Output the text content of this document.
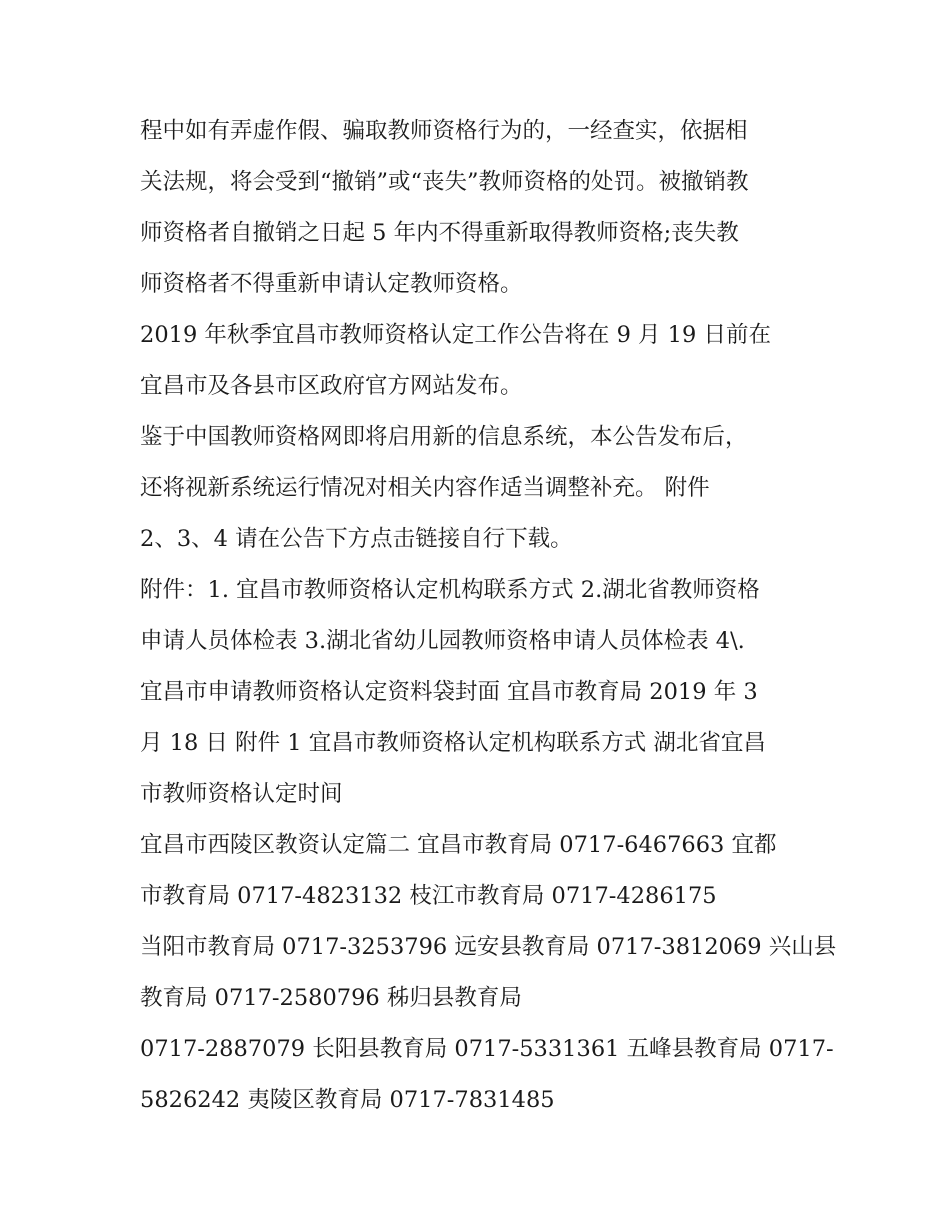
程中如有弄虚作假、骗取教师资格行为的，一经查实，依据相
关法规，将会受到“撤销”或“丧失”教师资格的处罚。被撤销教
师资格者自撤销之日起 5 年内不得重新取得教师资格;丧失教
师资格者不得重新申请认定教师资格。
2019 年秋季宜昌市教师资格认定工作公告将在 9 月 19 日前在
宜昌市及各县市区政府官方网站发布。
鉴于中国教师资格网即将启用新的信息系统，本公告发布后，
还将视新系统运行情况对相关内容作适当调整补充。 附件
2、3、4 请在公告下方点击链接自行下载。
附件：1. 宜昌市教师资格认定机构联系方式 2.湖北省教师资格
申请人员体检表 3.湖北省幼儿园教师资格申请人员体检表 4\.
宜昌市申请教师资格认定资料袋封面 宜昌市教育局 2019 年 3
月 18 日 附件 1 宜昌市教师资格认定机构联系方式 湖北省宜昌
市教师资格认定时间
宜昌市西陵区教资认定篇二 宜昌市教育局 0717-6467663 宜都
市教育局 0717-4823132 枝江市教育局 0717-4286175
当阳市教育局 0717-3253796 远安县教育局 0717-3812069 兴山县
教育局 0717-2580796 秭归县教育局
0717-2887079 长阳县教育局 0717-5331361 五峰县教育局 0717-
5826242 夷陵区教育局 0717-7831485
